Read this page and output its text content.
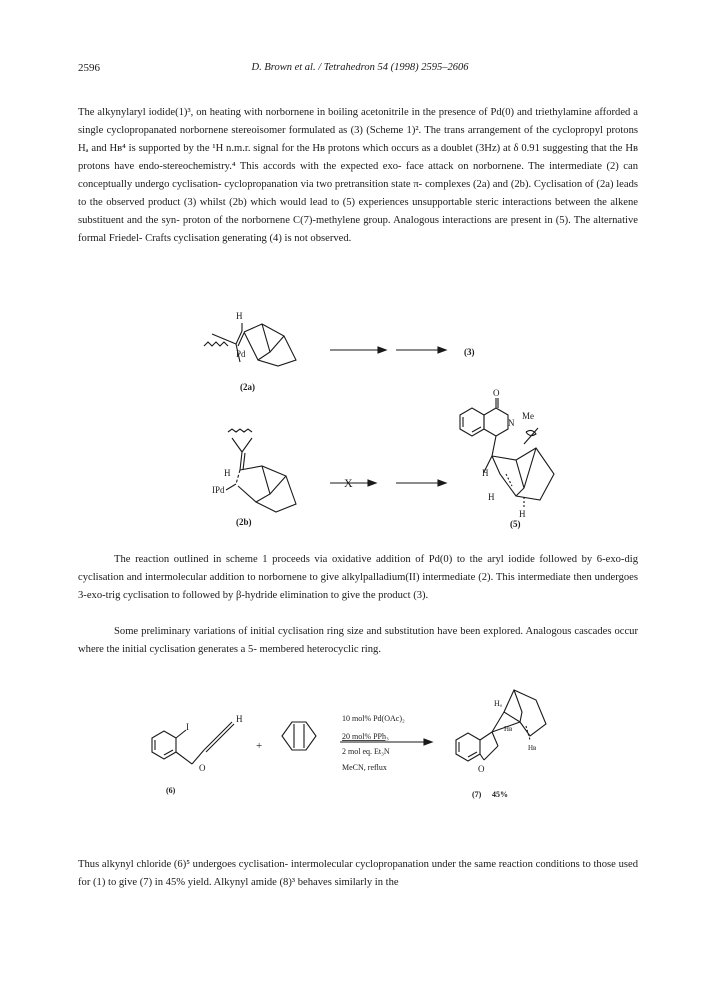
2596	D. Brown et al. / Tetrahedron 54 (1998) 2595–2606
The alkynylaryl iodide(1)³, on heating with norbornene in boiling acetonitrile in the presence of Pd(0) and triethylamine afforded a single cyclopropanated norbornene stereoisomer formulated as (3) (Scheme 1)². The trans arrangement of the cyclopropyl protons Hₐ and Hʙ⁴ is supported by the ¹H n.m.r. signal for the Hʙ protons which occurs as a doublet (3Hz) at δ 0.91 suggesting that the Hʙ protons have endo-stereochemistry.⁴ This accords with the expected exo- face attack on norbornene. The intermediate (2) can conceptually undergo cyclisation- cyclopropanation via two pretransition state π- complexes (2a) and (2b). Cyclisation of (2a) leads to the observed product (3) whilst (2b) which would lead to (5) experiences unsupportable steric interactions between the alkene substituent and the syn- proton of the norbornene C(7)-methylene group. Analogous interactions are present in (5). The alternative formal Friedel- Crafts cyclisation generating (4) is not observed.
H
Pd	(3)
(2a)
H
IPd
(2b)
X
O
N
Me
H
H
H
(5)
I
O
H
+
(6)
10 mol% Pd(OAc)₂
20 mol% PPh₃
2 mol eq. Et₃N
MeCN, reflux	O
Hₐ
Hʙ
Hʙ
(7) 45%
The reaction outlined in scheme 1 proceeds via oxidative addition of Pd(0) to the aryl iodide followed by 6-exo-dig cyclisation and intermolecular addition to norbornene to give alkylpalladium(II) intermediate (2). This intermediate then undergoes 3-exo-trig cyclisation to followed by β-hydride elimination to give the product (3).
Some preliminary variations of initial cyclisation ring size and substitution have been explored. Analogous cascades occur where the initial cyclisation generates a 5- membered heterocyclic ring.
Thus alkynyl chloride (6)⁵ undergoes cyclisation- intermolecular cyclopropanation under the same reaction conditions to those used for (1) to give (7) in 45% yield. Alkynyl amide (8)³ behaves similarly in the
